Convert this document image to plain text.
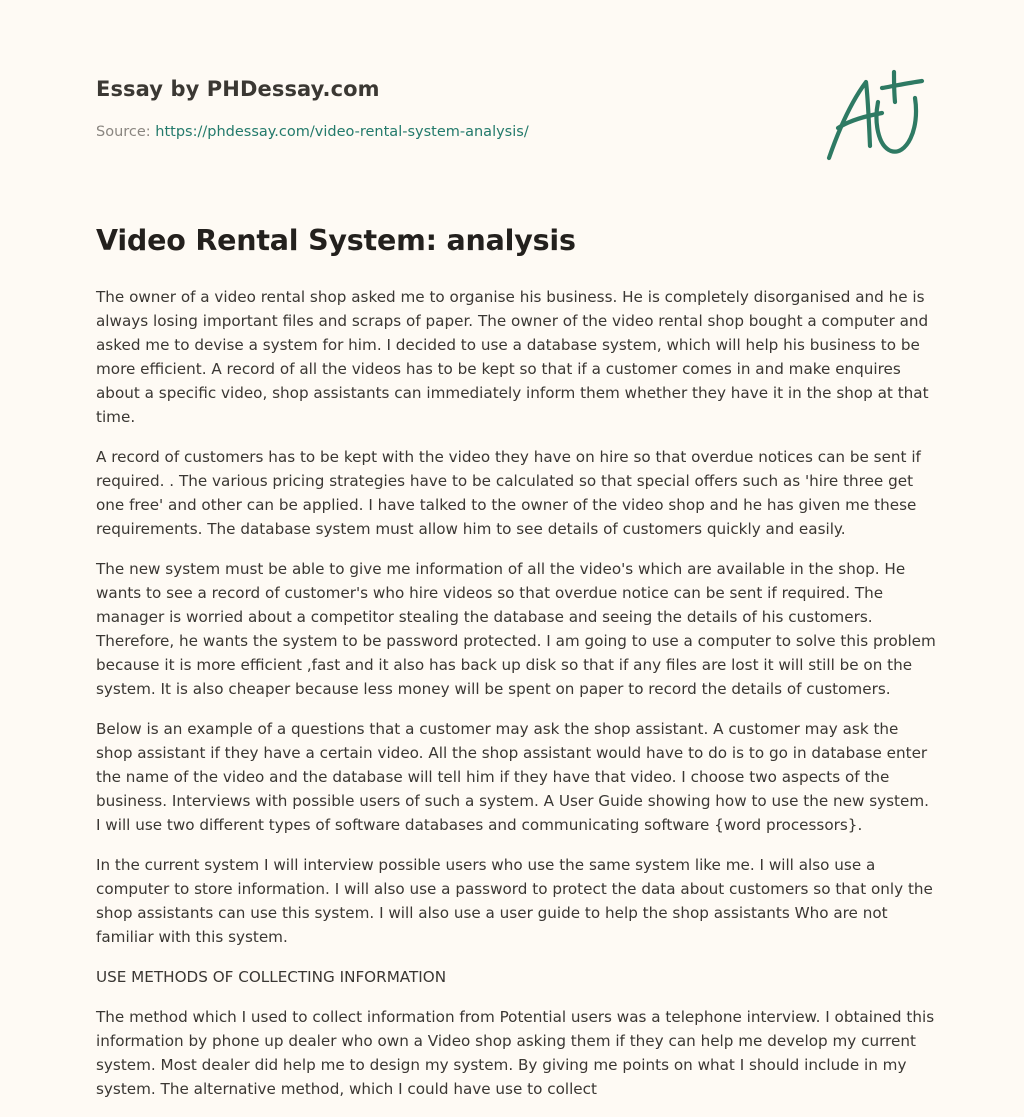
Essay by PHDessay.com
Source: https://phdessay.com/video-rental-system-analysis/
Video Rental System: analysis

The owner of a video rental shop asked me to organise his business. He is completely disorganised and he is always losing important files and scraps of paper. The owner of the video rental shop bought a computer and asked me to devise a system for him. I decided to use a database system, which will help his business to be more efficient. A record of all the videos has to be kept so that if a customer comes in and make enquires about a specific video, shop assistants can immediately inform them whether they have it in the shop at that time.

A record of customers has to be kept with the video they have on hire so that overdue notices can be sent if required. . The various pricing strategies have to be calculated so that special offers such as 'hire three get one free' and other can be applied. I have talked to the owner of the video shop and he has given me these requirements. The database system must allow him to see details of customers quickly and easily.

The new system must be able to give me information of all the video's which are available in the shop. He wants to see a record of customer's who hire videos so that overdue notice can be sent if required. The manager is worried about a competitor stealing the database and seeing the details of his customers. Therefore, he wants the system to be password protected. I am going to use a computer to solve this problem because it is more efficient ,fast and it also has back up disk so that if any files are lost it will still be on the system. It is also cheaper because less money will be spent on paper to record the details of customers.

Below is an example of a questions that a customer may ask the shop assistant. A customer may ask the shop assistant if they have a certain video. All the shop assistant would have to do is to go in database enter the name of the video and the database will tell him if they have that video. I choose two aspects of the business. Interviews with possible users of such a system. A User Guide showing how to use the new system. I will use two different types of software databases and communicating software {word processors}.

In the current system I will interview possible users who use the same system like me. I will also use a computer to store information. I will also use a password to protect the data about customers so that only the shop assistants can use this system. I will also use a user guide to help the shop assistants Who are not familiar with this system.

USE METHODS OF COLLECTING INFORMATION

The method which I used to collect information from Potential users was a telephone interview. I obtained this information by phone up dealer who own a Video shop asking them if they can help me develop my current system. Most dealer did help me to design my system. By giving me points on what I should include in my system. The alternative method, which I could have use to collect
